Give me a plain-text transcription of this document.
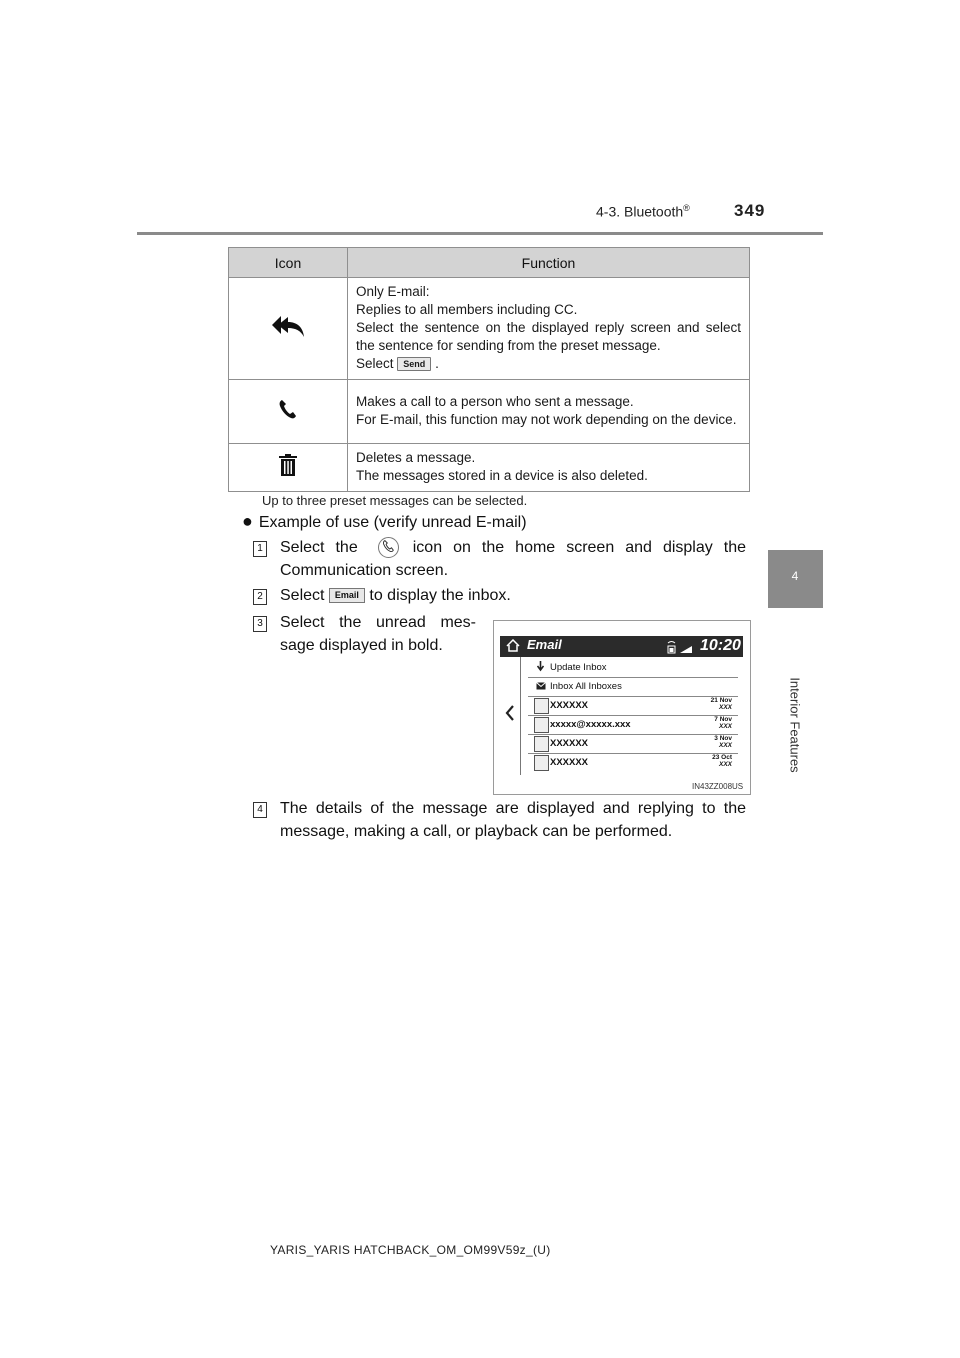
4-3. Bluetooth®	349
4
Interior Features
Icon	Function

Only E-mail:
Replies to all members including CC.
Select the sentence on the displayed reply screen and select the sentence for sending from the preset message.
Select Send .

Makes a call to a person who sent a message.
For E-mail, this function may not work depending on the device.

Deletes a message.
The messages stored in a device is also deleted.
Up to three preset messages can be selected.
● Example of use (verify unread E-mail)
1 Select the	icon on the home screen and display the Communication screen.
2 Select Email to display the inbox.
3 Select the unread mes-sage displayed in bold.	Email	10:20
Update Inbox
Inbox All Inboxes
XXXXXX	21 Nov
XXX
xxxxx@xxxxx.xxx	7 Nov
XXX
XXXXXX	3 Nov
XXX
XXXXXX	23 Oct
XXX
IN43ZZ008US
4 The details of the message are displayed and replying to the message, making a call, or playback can be performed.
YARIS_YARIS HATCHBACK_OM_OM99V59z_(U)
